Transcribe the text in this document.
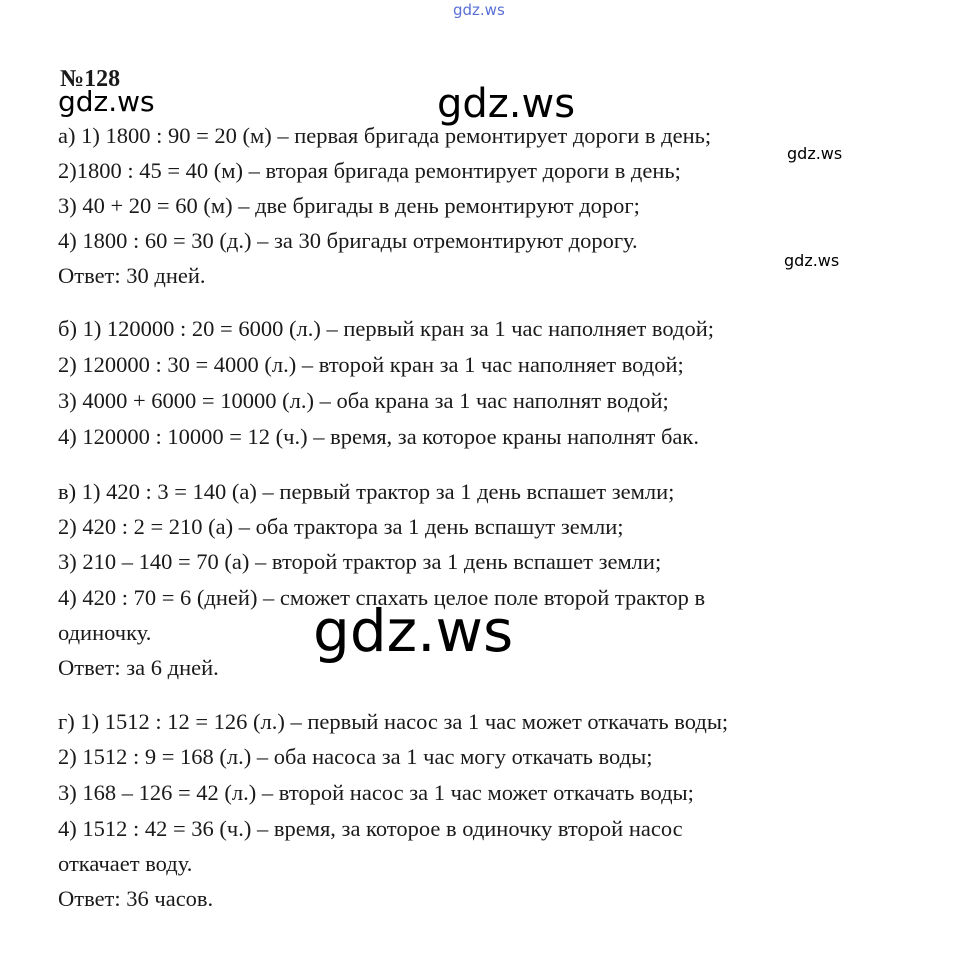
gdz.ws
№128
а) 1) 1800 : 90 = 20 (м) – первая бригада ремонтирует дороги в день;
2)1800 : 45 = 40 (м) – вторая бригада ремонтирует дороги в день;
3) 40 + 20 = 60 (м) – две бригады в день ремонтируют дорог;
4) 1800 : 60 = 30 (д.) – за 30 бригады отремонтируют дорогу.
Ответ: 30 дней.
б) 1) 120000 : 20 = 6000 (л.) – первый кран за 1 час наполняет водой;
2) 120000 : 30 = 4000 (л.) – второй кран за 1 час наполняет водой;
3) 4000 + 6000 = 10000 (л.) – оба крана за 1 час наполнят водой;
4) 120000 : 10000 = 12 (ч.) – время, за которое краны наполнят бак.
в) 1) 420 : 3 = 140 (а) – первый трактор за 1 день вспашет земли;
2) 420 : 2 = 210 (а) – оба трактора за 1 день вспашут земли;
3) 210 – 140 = 70 (а) – второй трактор за 1 день вспашет земли;
4) 420 : 70 = 6 (дней) – сможет спахать целое поле второй трактор в
одиночку.
Ответ: за 6 дней.
г) 1) 1512 : 12 = 126 (л.) – первый насос за 1 час может откачать воды;
2) 1512 : 9 = 168 (л.) – оба насоса за 1 час могу откачать воды;
3) 168 – 126 = 42 (л.) – второй насос за 1 час может откачать воды;
4) 1512 : 42 = 36 (ч.) – время, за которое в одиночку второй насос
откачает воду.
Ответ: 36 часов.
gdz.ws	gdz.ws
gdz.ws
gdz.ws
gdz.ws
